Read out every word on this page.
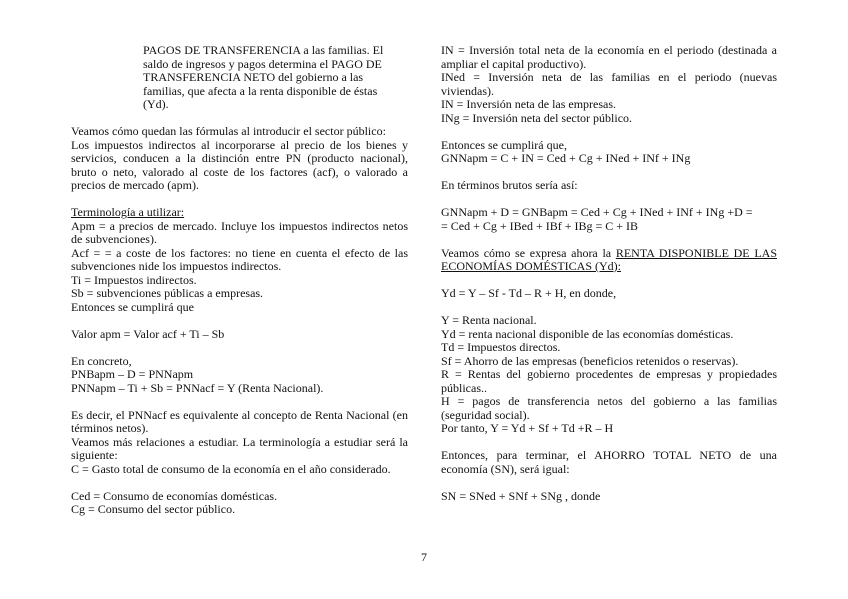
PAGOS DE TRANSFERENCIA a las familias. El

saldo de ingresos y pagos determina el PAGO DE

TRANSFERENCIA NETO del gobierno a las

familias, que afecta a la renta disponible de éstas

(Yd).

Veamos cómo quedan las fórmulas al introducir el sector público:

Los impuestos indirectos al incorporarse al precio de los bienes y servicios, conducen a la distinción entre PN (producto nacional), bruto o neto, valorado al coste de los factores (acf), o valorado a precios de mercado (apm).

Terminología a utilizar:

Apm = a precios de mercado. Incluye los impuestos indirectos netos de subvenciones).

Acf = = a coste de los factores: no tiene en cuenta el efecto de las subvenciones nide los impuestos indirectos.

Ti = Impuestos indirectos.

Sb = subvenciones públicas a empresas.

Entonces se cumplirá que

Valor apm = Valor acf + Ti – Sb

En concreto,

PNBapm – D = PNNapm

PNNapm – Ti + Sb = PNNacf = Y (Renta Nacional).

Es decir, el PNNacf es equivalente al concepto de Renta Nacional (en términos netos).

Veamos más relaciones a estudiar. La terminología a estudiar será la siguiente:

C = Gasto total de consumo de la economía en el año considerado.

Ced = Consumo de economías domésticas.

Cg = Consumo del sector público.

IN = Inversión total neta de la economía en el periodo (destinada a ampliar el capital productivo).

INed = Inversión neta de las familias en el periodo (nuevas viviendas).

IN = Inversión neta de las empresas.

INg = Inversión neta del sector público.

Entonces se cumplirá que,

GNNapm = C + IN = Ced + Cg + INed + INf + INg

En términos brutos sería así:

GNNapm + D = GNBapm = Ced + Cg + INed + INf + INg +D =

= Ced + Cg + IBed + IBf + IBg = C + IB

Veamos cómo se expresa ahora la RENTA DISPONIBLE DE LAS ECONOMÍAS DOMÉSTICAS (Yd):

Yd = Y – Sf - Td – R + H, en donde,

Y = Renta nacional.

Yd = renta nacional disponible de las economías domésticas.

Td = Impuestos directos.

Sf = Ahorro de las empresas (beneficios retenidos o reservas).

R = Rentas del gobierno procedentes de empresas y propiedades públicas..

H = pagos de transferencia netos del gobierno a las familias (seguridad social).

Por tanto, Y = Yd + Sf + Td +R – H

Entonces, para terminar, el AHORRO TOTAL NETO de una economía (SN), será igual:

SN = SNed + SNf + SNg , donde

7
